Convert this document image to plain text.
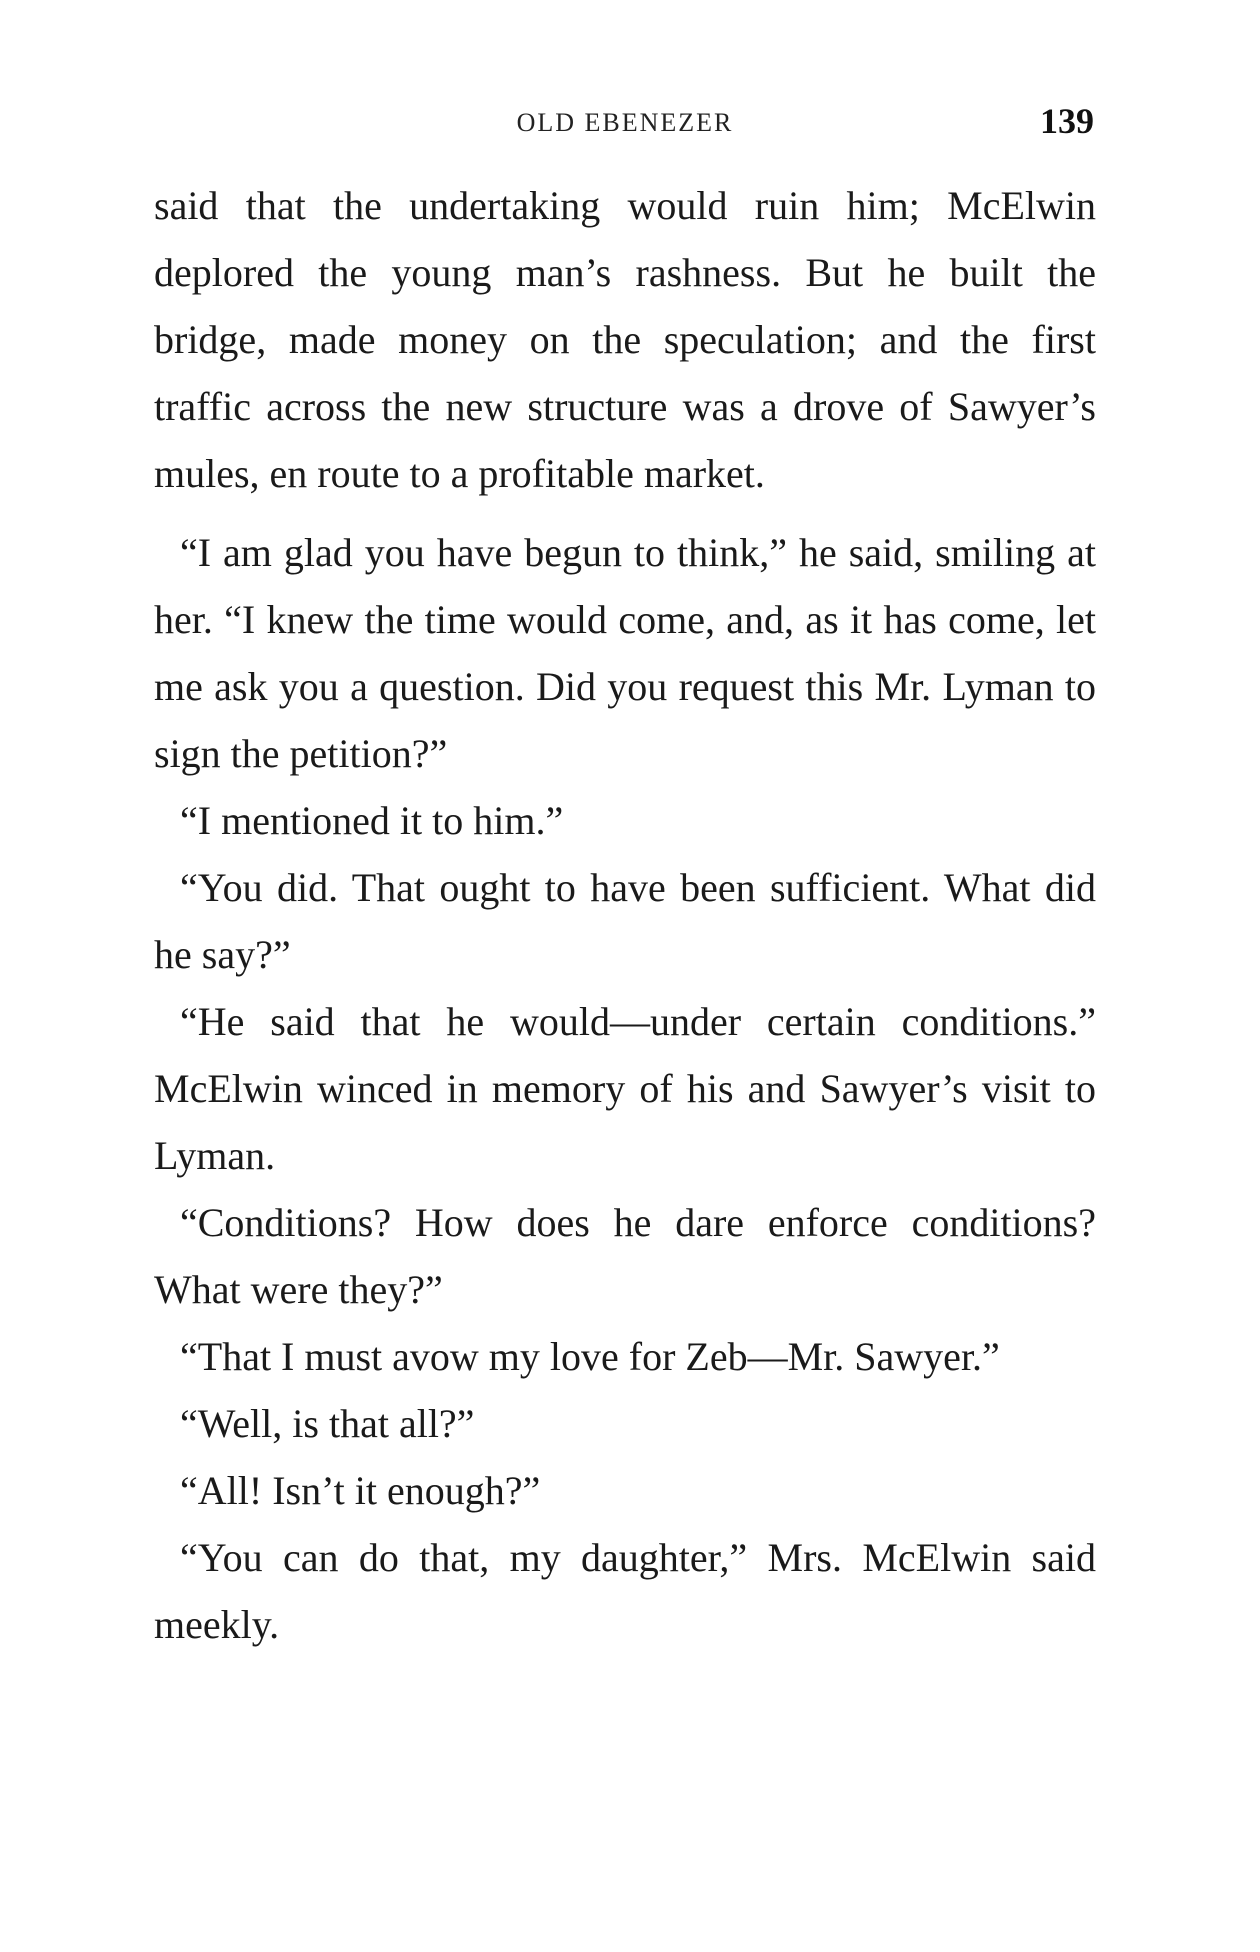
OLD EBENEZER	139

said that the undertaking would ruin him; McElwin deplored the young man’s rashness. But he built the bridge, made money on the speculation; and the first traffic across the new structure was a drove of Sawyer’s mules, en route to a profitable market.

“I am glad you have begun to think,” he said, smiling at her. “I knew the time would come, and, as it has come, let me ask you a question. Did you request this Mr. Lyman to sign the petition?”

“I mentioned it to him.”

“You did. That ought to have been sufficient. What did he say?”

“He said that he would—under certain conditions.” McElwin winced in memory of his and Sawyer’s visit to Lyman.

“Conditions? How does he dare enforce conditions? What were they?”

“That I must avow my love for Zeb—Mr. Sawyer.”

“Well, is that all?”

“All! Isn’t it enough?”

“You can do that, my daughter,” Mrs. McElwin said meekly.
